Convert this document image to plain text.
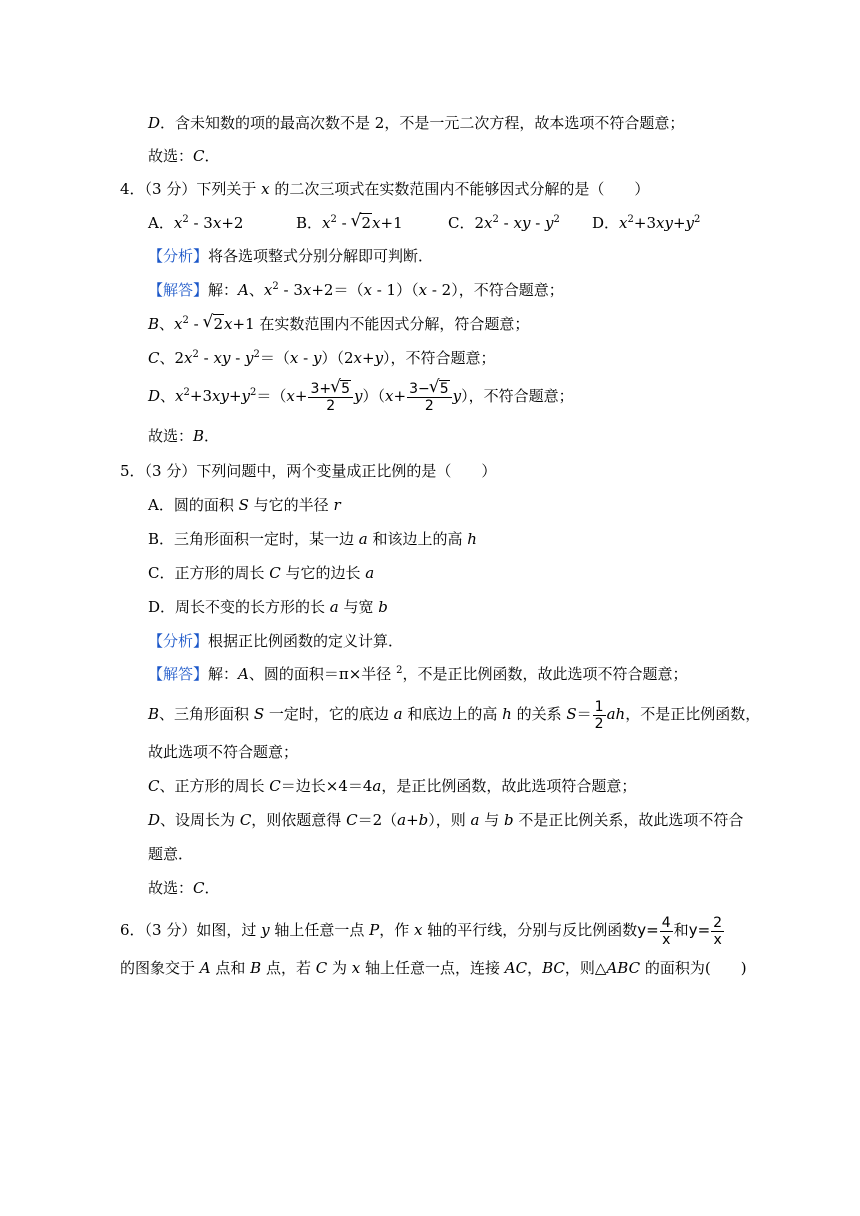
D．含未知数的项的最高次数不是 2，不是一元二次方程，故本选项不符合题意；
故选：C．
4．（3 分）下列关于 x 的二次三项式在实数范围内不能够因式分解的是（　　）
A．$x^2 - 3x+2$	B．$x^2$ - √ 2x+1	C．$2x^2$ - xy - $y^2$ D．$x^2+3xy+y^2$
【分析】将各选项整式分别分解即可判断．
【解答】解：A、$x^2 - 3x+2=(x - 1)(x - 2)$，不符合题意；
B、$x^2$ - √ 2x+1 在实数范围内不能因式分解，符合题意；
C、$2x^2$ - xy - $y^2=(x - y)(2x+y)$，不符合题意；
D、$x^2+3xy+y^2=(x+ \frac{3+ √ 5}{2} y)(x+ \frac{3- √ 5}{2} y)$，不符合题意；
故选：B．
5．（3 分）下列问题中，两个变量成正比例的是（　　）
A．圆的面积 S 与它的半径 r
B．三角形面积一定时，某一边 a 和该边上的高 h
C．正方形的周长 C 与它的边长 a
D．周长不变的长方形的长 a 与宽 b
【分析】根据正比例函数的定义计算．
【解答】解：A、圆的面积＝π×半径 $^2$，不是正比例函数，故此选项不符合题意；
B、三角形面积 S 一定时，它的底边 a 和底边上的高 h 的关系 $S= \frac{1}{2}$ ah，不是正比例函数，
故此选项不符合题意；
C、正方形的周长 C＝边长×4＝4a，是正比例函数，故此选项符合题意；
D、设周长为 C，则依题意得 C＝2（a+b），则 a 与 b 不是正比例关系，故此选项不符合
题意．
故选：C．
6．（3 分）如图，过 y 轴上任意一点 P，作 x 轴的平行线，分别与反比例函数$y= \frac{4}{x}$ 和$y= \frac{2}{x}$
的图象交于 A 点和 B 点，若 C 为 x 轴上任意一点，连接 AC，BC，则△ABC 的面积为(　　)
